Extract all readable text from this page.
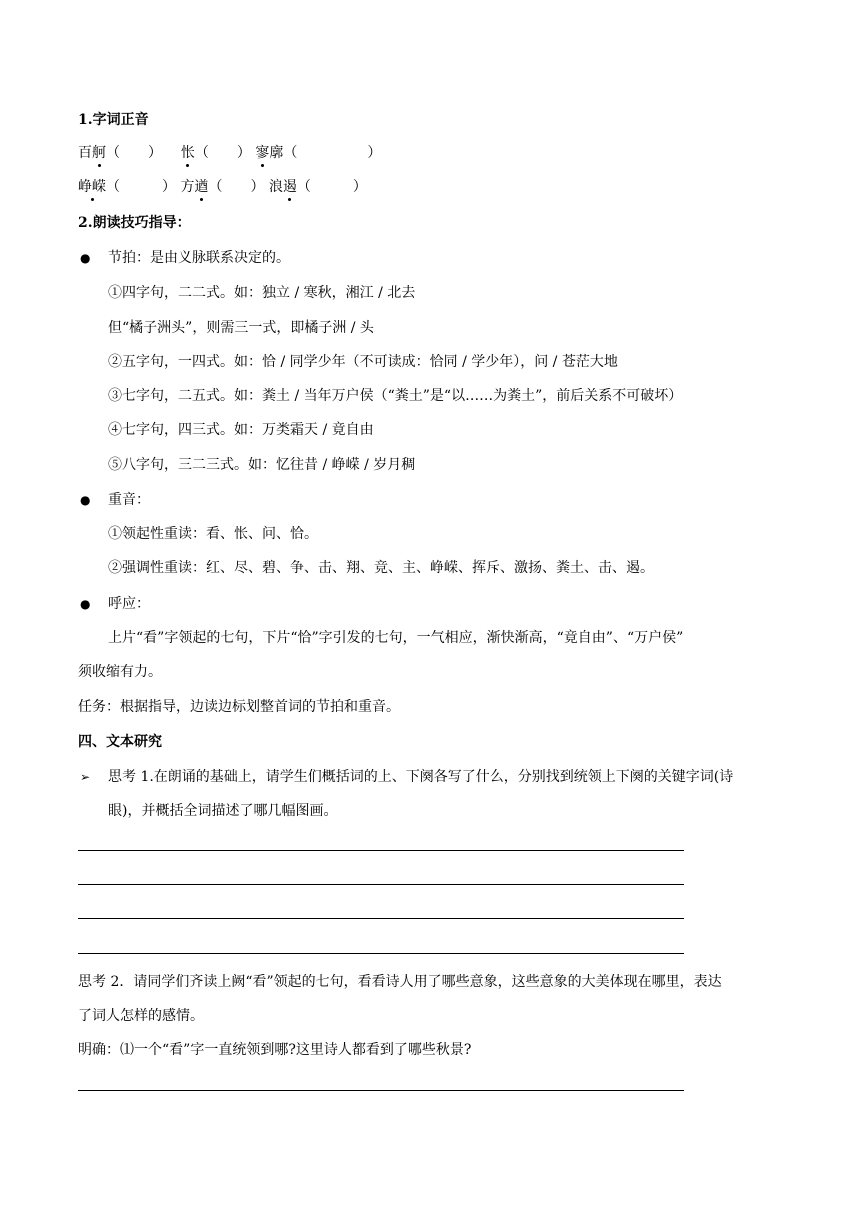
1.字词正音
百舸（　　） 怅（　　） 寥廓（　　　　　）
峥嵘（　　　） 方遒（　　） 浪遏（　　　）
2.朗读技巧指导：
● 节拍：是由义脉联系决定的。
①四字句，二二式。如：独立 / 寒秋，湘江 / 北去
但“橘子洲头”，则需三一式，即橘子洲 / 头
②五字句，一四式。如：恰 / 同学少年（不可读成：恰同 / 学少年），问 / 苍茫大地
③七字句，二五式。如：粪土 / 当年万户侯（“粪土”是“以……为粪土”，前后关系不可破坏）
④七字句，四三式。如：万类霜天 / 竟自由
⑤八字句，三二三式。如：忆往昔 / 峥嵘 / 岁月稠
● 重音：
①领起性重读：看、怅、问、恰。
②强调性重读：红、尽、碧、争、击、翔、竞、主、峥嵘、挥斥、激扬、粪土、击、遏。
● 呼应：
上片“看”字领起的七句，下片“恰”字引发的七句，一气相应，渐快渐高，“竟自由”、“万户侯”
须收缩有力。
任务：根据指导，边读边标划整首词的节拍和重音。
四、文本研究
➢ 思考 1.在朗诵的基础上，请学生们概括词的上、下阕各写了什么，分别找到统领上下阕的关键字词(诗
眼)，并概括全词描述了哪几幅图画。
思考 2．请同学们齐读上阙“看”领起的七句，看看诗人用了哪些意象，这些意象的大美体现在哪里，表达
了词人怎样的感情。
明确：⑴一个“看”字一直统领到哪?这里诗人都看到了哪些秋景?
